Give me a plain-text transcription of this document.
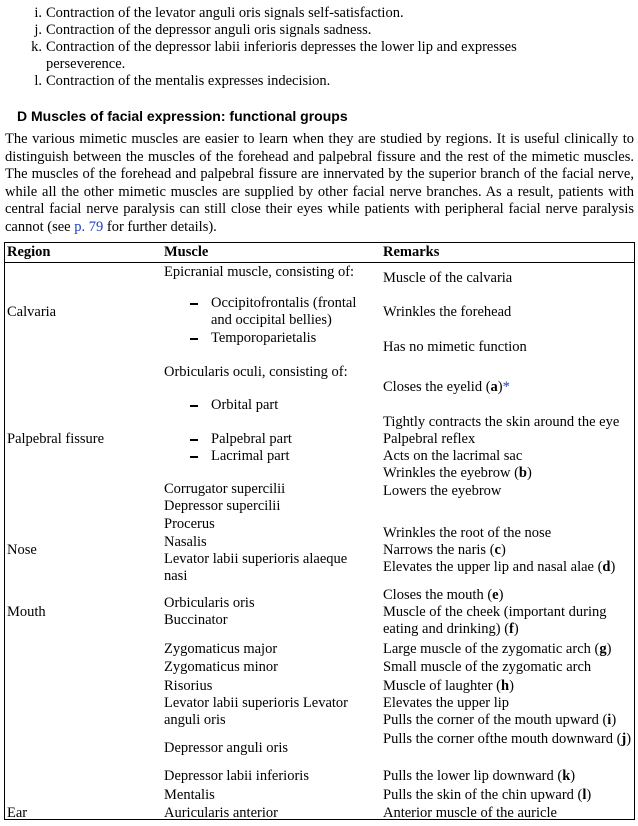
i. Contraction of the levator anguli oris signals self-satisfaction.
j. Contraction of the depressor anguli oris signals sadness.
k. Contraction of the depressor labii inferioris depresses the lower lip and expresses perseverence.
l. Contraction of the mentalis expresses indecision.
D Muscles of facial expression: functional groups
The various mimetic muscles are easier to learn when they are studied by regions. It is useful clinically to distinguish between the muscles of the forehead and palpebral fissure and the rest of the mimetic muscles. The muscles of the forehead and palpebral fissure are innervated by the superior branch of the facial nerve, while all the other mimetic muscles are supplied by other facial nerve branches. As a result, patients with central facial nerve paralysis can still close their eyes while patients with peripheral facial nerve paralysis cannot (see p. 79 for further details).
Region	Muscle	Remarks
Calvaria
Palpebral fissure
Nose
Mouth
Ear
Epicranial muscle, consisting of:
Occipitofrontalis (frontal and occipital bellies)
Temporoparietalis
Orbicularis oculi, consisting of:
Orbital part
Palpebral part
Lacrimal part
Corrugator supercilii
Depressor supercilii
Procerus
Nasalis
Levator labii superioris alaeque nasi
Orbicularis oris
Buccinator
Zygomaticus major
Zygomaticus minor
Risorius
Levator labii superioris Levator anguli oris
Depressor anguli oris
Depressor labii inferioris
Mentalis
Auricularis anterior
Muscle of the calvaria
Wrinkles the forehead
Has no mimetic function
Closes the eyelid (a)*
Tightly contracts the skin around the eye
Palpebral reflex
Acts on the lacrimal sac
Wrinkles the eyebrow (b)
Lowers the eyebrow
Wrinkles the root of the nose
Narrows the naris (c)
Elevates the upper lip and nasal alae (d)
Closes the mouth (e)
Muscle of the cheek (important during eating and drinking) (f)
Large muscle of the zygomatic arch (g)
Small muscle of the zygomatic arch
Muscle of laughter (h)
Elevates the upper lip
Pulls the corner of the mouth upward (i)
Pulls the corner ofthe mouth downward (j)
Pulls the lower lip downward (k)
Pulls the skin of the chin upward (l)
Anterior muscle of the auricle
